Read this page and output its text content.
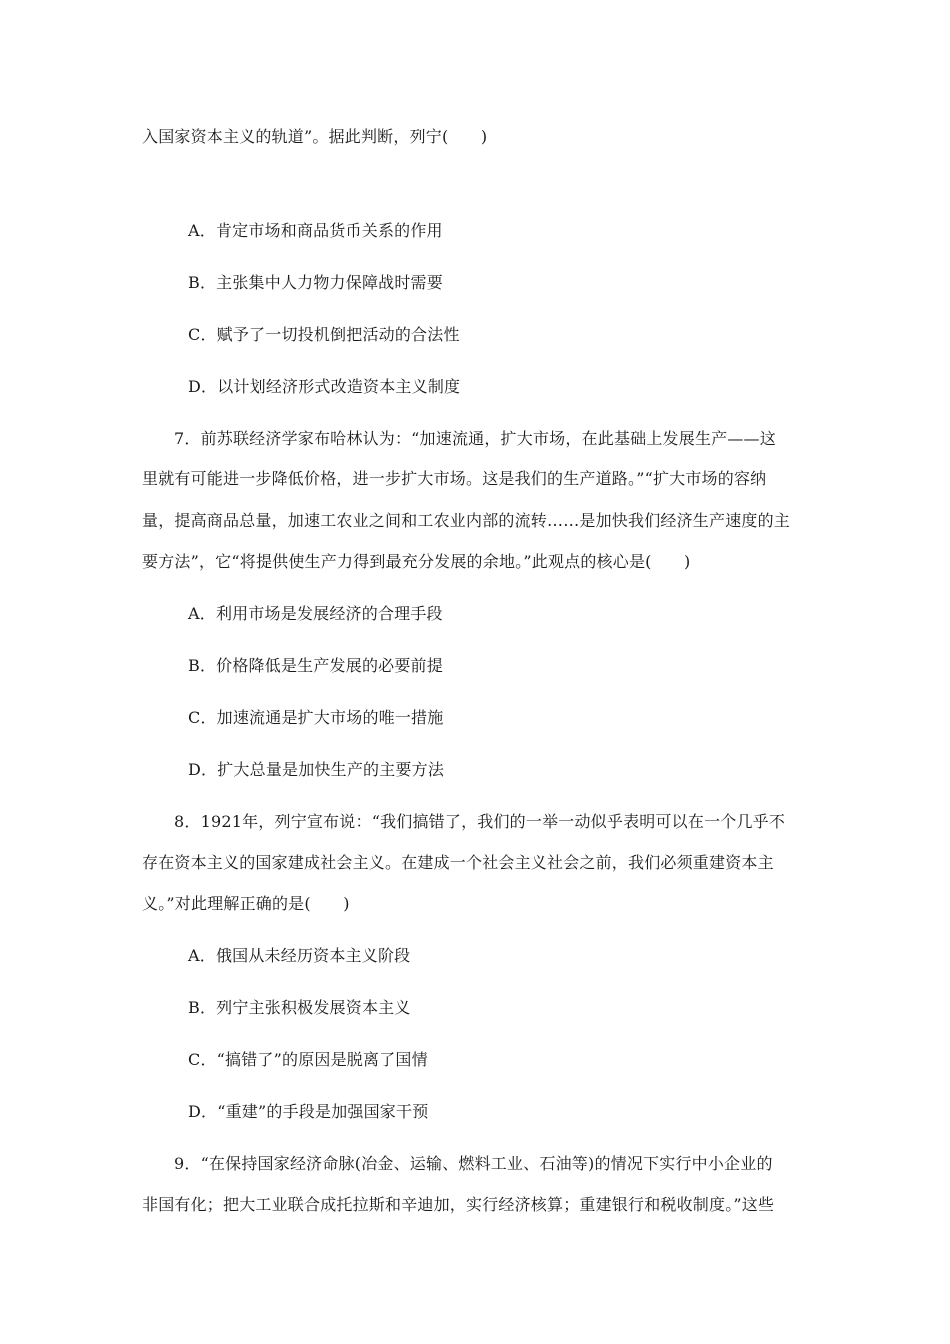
入国家资本主义的轨道”。据此判断，列宁(　　)
A．肯定市场和商品货币关系的作用
B．主张集中人力物力保障战时需要
C．赋予了一切投机倒把活动的合法性
D．以计划经济形式改造资本主义制度
7．前苏联经济学家布哈林认为：“加速流通，扩大市场，在此基础上发展生产——这
里就有可能进一步降低价格，进一步扩大市场。这是我们的生产道路。”“扩大市场的容纳
量，提高商品总量，加速工农业之间和工农业内部的流转……是加快我们经济生产速度的主
要方法”，它“将提供使生产力得到最充分发展的余地。”此观点的核心是(　　)
A．利用市场是发展经济的合理手段
B．价格降低是生产发展的必要前提
C．加速流通是扩大市场的唯一措施
D．扩大总量是加快生产的主要方法
8．1921年，列宁宣布说：“我们搞错了，我们的一举一动似乎表明可以在一个几乎不
存在资本主义的国家建成社会主义。在建成一个社会主义社会之前，我们必须重建资本主
义。”对此理解正确的是(　　)
A．俄国从未经历资本主义阶段
B．列宁主张积极发展资本主义
C．“搞错了”的原因是脱离了国情
D．“重建”的手段是加强国家干预
9．“在保持国家经济命脉(冶金、运输、燃料工业、石油等)的情况下实行中小企业的
非国有化；把大工业联合成托拉斯和辛迪加，实行经济核算；重建银行和税收制度。”这些
